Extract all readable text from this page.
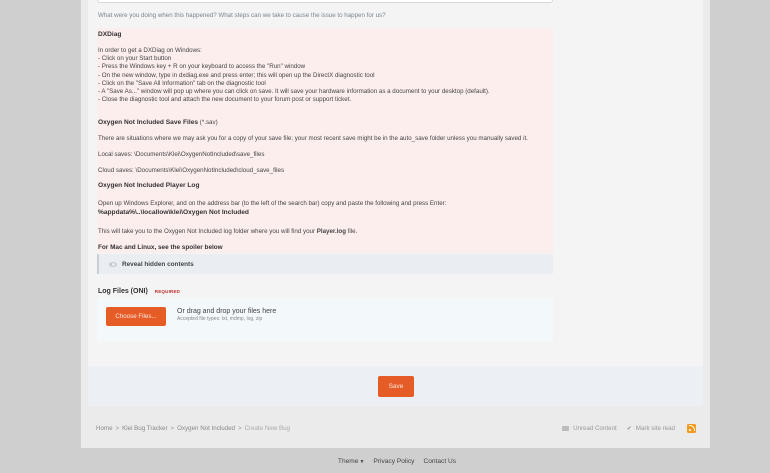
What were you doing when this happened? What steps can we take to cause the issue to happen for us?
DXDiag

In order to get a DXDiag on Windows:

- Click on your Start button

- Press the Windows key + R on your keyboard to access the "Run" window

- On the new window, type in dxdiag.exe and press enter; this will open up the DirectX diagnostic tool

- Click on the "Save All Information" tab on the diagnostic tool

- A "Save As..." window will pop up where you can click on save. It will save your hardware information as a document to your desktop (default).

- Close the diagnostic tool and attach the new document to your forum post or support ticket.

Oxygen Not Included Save Files (*.sav)
There are situations where we may ask you for a copy of your save file; your most recent save might be in the auto_save folder unless you manually saved it.
Local saves: \Documents\Klei\OxygenNotIncluded\save_files
Cloud saves: \Documents\Klei\OxygenNotIncluded\cloud_save_files
Oxygen Not Included Player Log
Open up Windows Explorer, and on the address bar (to the left of the search bar) copy and paste the following and press Enter:
%appdata%\..\locallow\klei\Oxygen Not Included
This will take you to the Oxygen Not Included log folder where you will find your Player.log file.
For Mac and Linux, see the spoiler below
Reveal hidden contents
Log Files (ONI) REQUIRED
Choose Files...
Or drag and drop your files here
Accepted file types: txt, mdmp, log, zip
Save
Home > Klei Bug Tracker > Oxygen Not Included > Create New Bug	Unread Content ✔ Mark site read
Theme▼ Privacy Policy Contact Us
